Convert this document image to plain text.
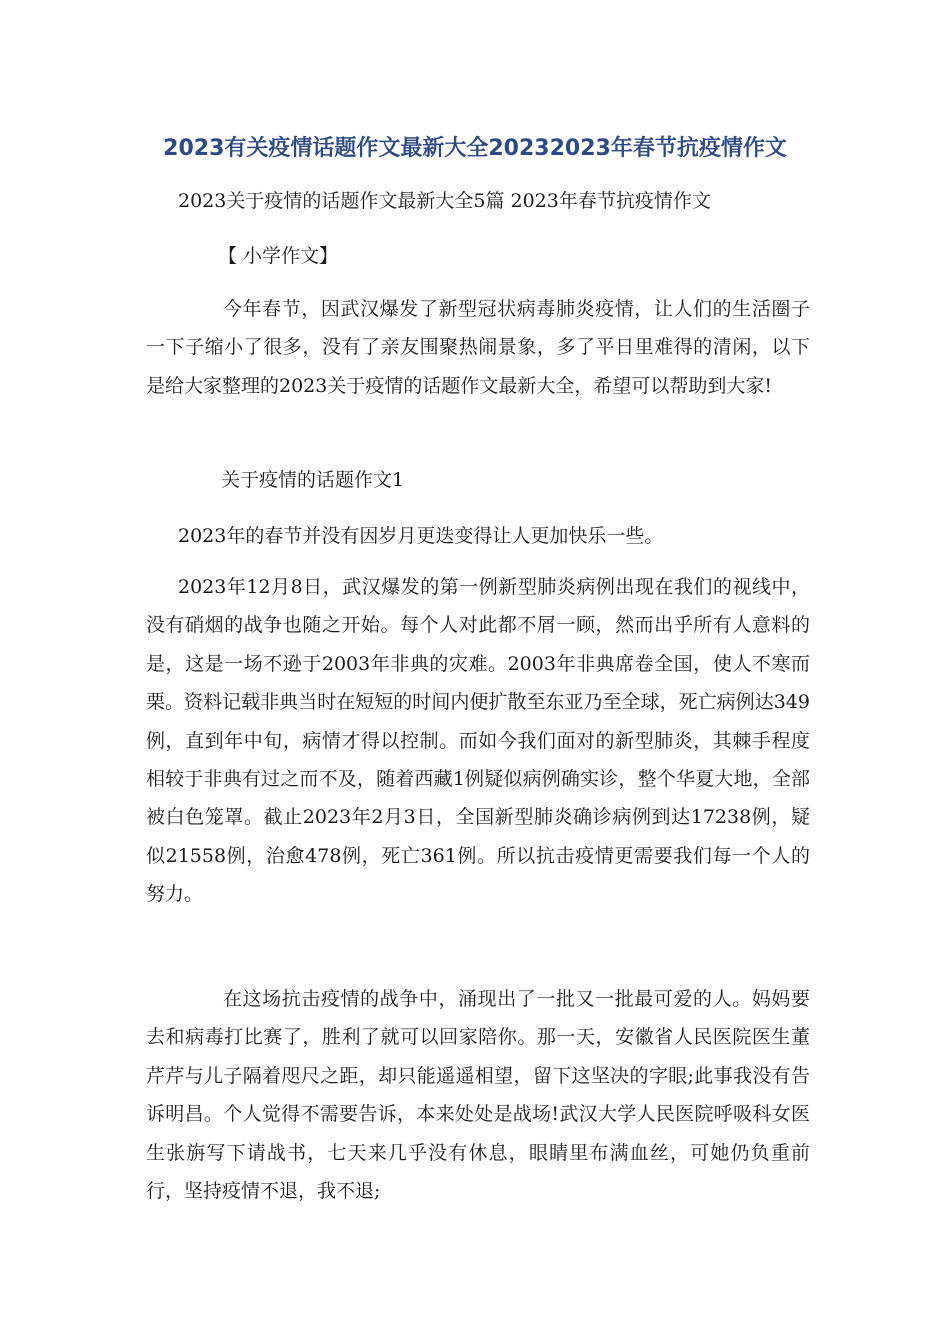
2023有关疫情话题作文最新大全20232023年春节抗疫情作文

2023关于疫情的话题作文最新大全5篇 2023年春节抗疫情作文

【 小学作文】

今年春节，因武汉爆发了新型冠状病毒肺炎疫情，让人们的生活圈子一下子缩小了很多，没有了亲友围聚热闹景象，多了平日里难得的清闲，以下是给大家整理的2023关于疫情的话题作文最新大全，希望可以帮助到大家!

关于疫情的话题作文1

2023年的春节并没有因岁月更迭变得让人更加快乐一些。

2023年12月8日，武汉爆发的第一例新型肺炎病例出现在我们的视线中，没有硝烟的战争也随之开始。每个人对此都不屑一顾，然而出乎所有人意料的是，这是一场不逊于2003年非典的灾难。2003年非典席卷全国，使人不寒而栗。资料记载非典当时在短短的时间内便扩散至东亚乃至全球，死亡病例达349例，直到年中旬，病情才得以控制。而如今我们面对的新型肺炎，其棘手程度相较于非典有过之而不及，随着西藏1例疑似病例确实诊，整个华夏大地，全部被白色笼罩。截止2023年2月3日，全国新型肺炎确诊病例到达17238例，疑似21558例，治愈478例，死亡361例。所以抗击疫情更需要我们每一个人的努力。

在这场抗击疫情的战争中，涌现出了一批又一批最可爱的人。妈妈要去和病毒打比赛了，胜利了就可以回家陪你。那一天，安徽省人民医院医生董芹芹与儿子隔着咫尺之距，却只能遥遥相望，留下这坚决的字眼;此事我没有告诉明昌。个人觉得不需要告诉，本来处处是战场!武汉大学人民医院呼吸科女医生张旃写下请战书，七天来几乎没有休息，眼睛里布满血丝，可她仍负重前行，坚持疫情不退，我不退;
